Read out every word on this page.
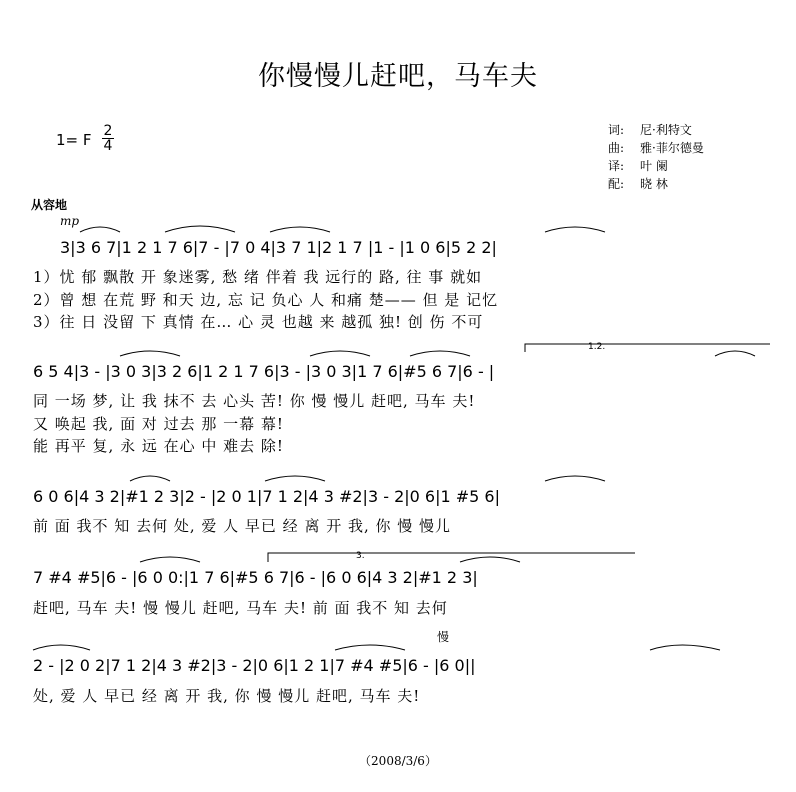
你慢慢儿赶吧，马车夫
1= F 2
4
词: 尼·利特文
曲: 雅·菲尔德曼
译: 叶 阑
配: 晓 林
从容地
mp
3|3 6 7|1 2 1 7 6|7 - |7 0 4|3 7 1|2 1 7 |1 - |1 0 6|5 2 2|
1）忧 郁 飘散 开 象迷雾, 愁 绪 伴着 我 远行的 路, 往 事 就如
2）曾 想 在荒 野 和天 边, 忘 记 负心 人 和痛 楚—— 但 是 记忆
3）往 日 没留 下 真情 在… 心 灵 也越 来 越孤 独! 创 伤 不可
6 5 4|3 - |3 0 3|3 2 6|1 2 1 7 6|3 - |3 0 3|1 7 6|#5 6 7|6 - |
同 一场 梦, 让 我 抹不 去 心头 苦! 你 慢 慢儿 赶吧, 马车 夫!
又 唤起 我, 面 对 过去 那 一幕 幕!
能 再平 复, 永 远 在心 中 难去 除!
6 0 6|4 3 2|#1 2 3|2 - |2 0 1|7 1 2|4 3 #2|3 - 2|0 6|1 #5 6|
前 面 我不 知 去何 处, 爱 人 早已 经 离 开 我, 你 慢 慢儿
7 #4 #5|6 - |6 0 0:|1 7 6|#5 6 7|6 - |6 0 6|4 3 2|#1 2 3|
赶吧, 马车 夫! 慢 慢儿 赶吧, 马车 夫! 前 面 我不 知 去何
慢
2 - |2 0 2|7 1 2|4 3 #2|3 - 2|0 6|1 2 1|7 #4 #5|6 - |6 0||
处, 爱 人 早已 经 离 开 我, 你 慢 慢儿 赶吧, 马车 夫!
（2008/3/6）
1.2.
3.
